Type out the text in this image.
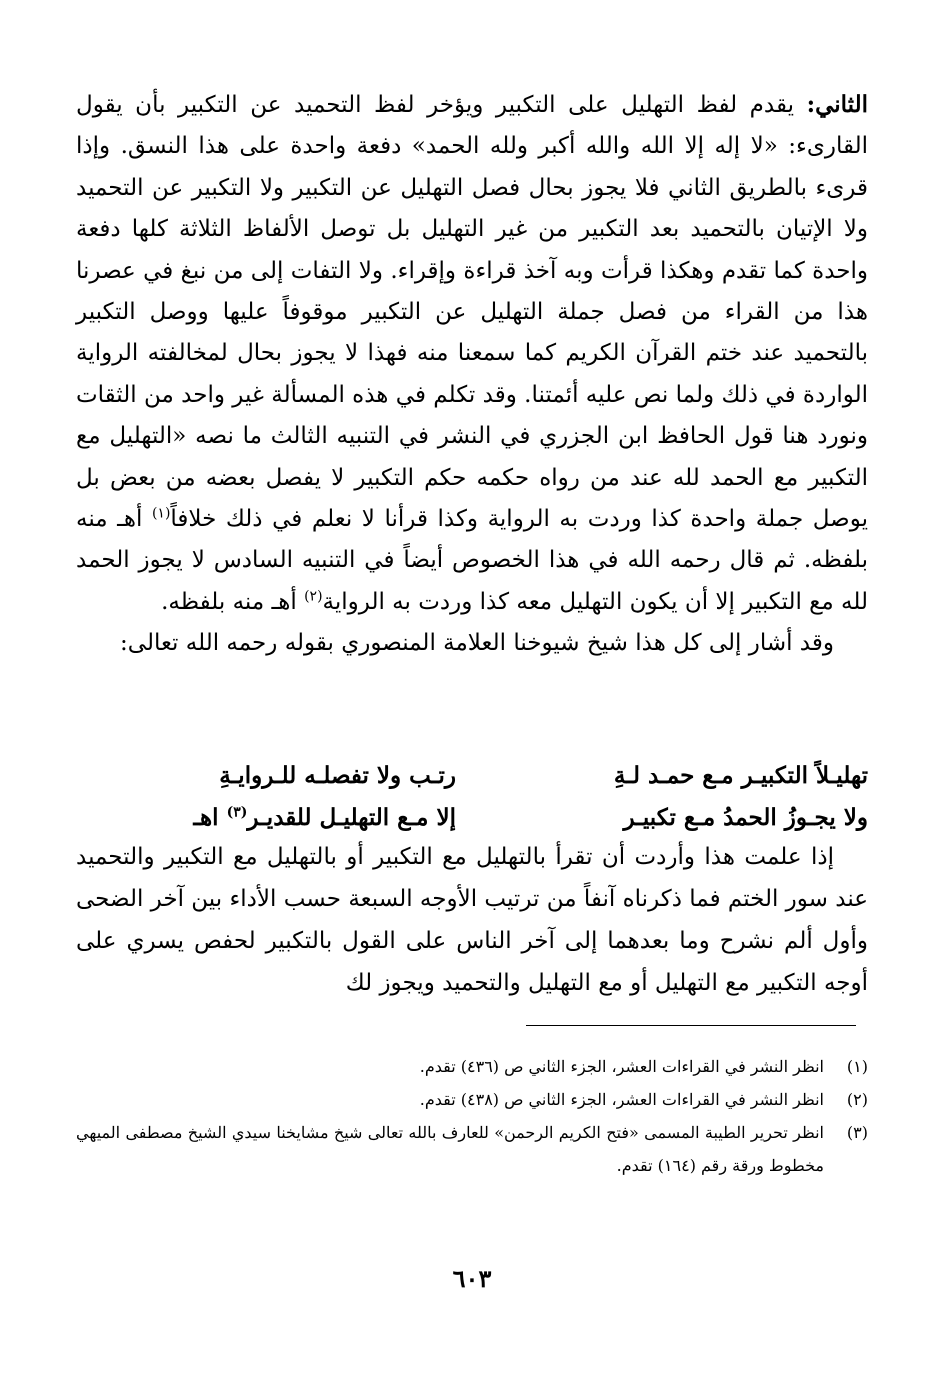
الثاني: يقدم لفظ التهليل على التكبير ويؤخر لفظ التحميد عن التكبير بأن يقول القارىء: «لا إله إلا الله والله أكبر ولله الحمد» دفعة واحدة على هذا النسق. وإذا قرىء بالطريق الثاني فلا يجوز بحال فصل التهليل عن التكبير ولا التكبير عن التحميد ولا الإتيان بالتحميد بعد التكبير من غير التهليل بل توصل الألفاظ الثلاثة كلها دفعة واحدة كما تقدم وهكذا قرأت وبه آخذ قراءة وإقراء. ولا التفات إلى من نبغ في عصرنا هذا من القراء من فصل جملة التهليل عن التكبير موقوفاً عليها ووصل التكبير بالتحميد عند ختم القرآن الكريم كما سمعنا منه فهذا لا يجوز بحال لمخالفته الرواية الواردة في ذلك ولما نص عليه أئمتنا. وقد تكلم في هذه المسألة غير واحد من الثقات ونورد هنا قول الحافظ ابن الجزري في النشر في التنبيه الثالث ما نصه «التهليل مع التكبير مع الحمد لله عند من رواه حكمه حكم التكبير لا يفصل بعضه من بعض بل يوصل جملة واحدة كذا وردت به الرواية وكذا قرأنا لا نعلم في ذلك خلافاً$^{(١)}$ أهـ منه بلفظه. ثم قال رحمه الله في هذا الخصوص أيضاً في التنبيه السادس لا يجوز الحمد لله مع التكبير إلا أن يكون التهليل معه كذا وردت به الرواية$^{(٢)}$ أهـ منه بلفظه.

وقد أشار إلى كل هذا شيخ شيوخنا العلامة المنصوري بقوله رحمه الله تعالى:

تهليـلاً التكبيـر مـع حمـد لـةِ
رتـب ولا تفصلـه للـروايـةِ
ولا يجـوزُ الحمدُ مـع تكبيـر
إلا مـع التهليـل للقديـر$^{(٣)}$ اهـ

إذا علمت هذا وأردت أن تقرأ بالتهليل مع التكبير أو بالتهليل مع التكبير والتحميد عند سور الختم فما ذكرناه آنفاً من ترتيب الأوجه السبعة حسب الأداء بين آخر الضحى وأول ألم نشرح وما بعدهما إلى آخر الناس على القول بالتكبير لحفص يسري على أوجه التكبير مع التهليل أو مع التهليل والتحميد ويجوز لك

(١)
انظر النشر في القراءات العشر، الجزء الثاني ص (٤٣٦) تقدم.
(٢)
انظر النشر في القراءات العشر، الجزء الثاني ص (٤٣٨) تقدم.
(٣)
انظر تحرير الطيبة المسمى «فتح الكريم الرحمن» للعارف بالله تعالى شيخ مشايخنا سيدي الشيخ مصطفى الميهي مخطوط ورقة رقم (١٦٤) تقدم.
٦٠٣
